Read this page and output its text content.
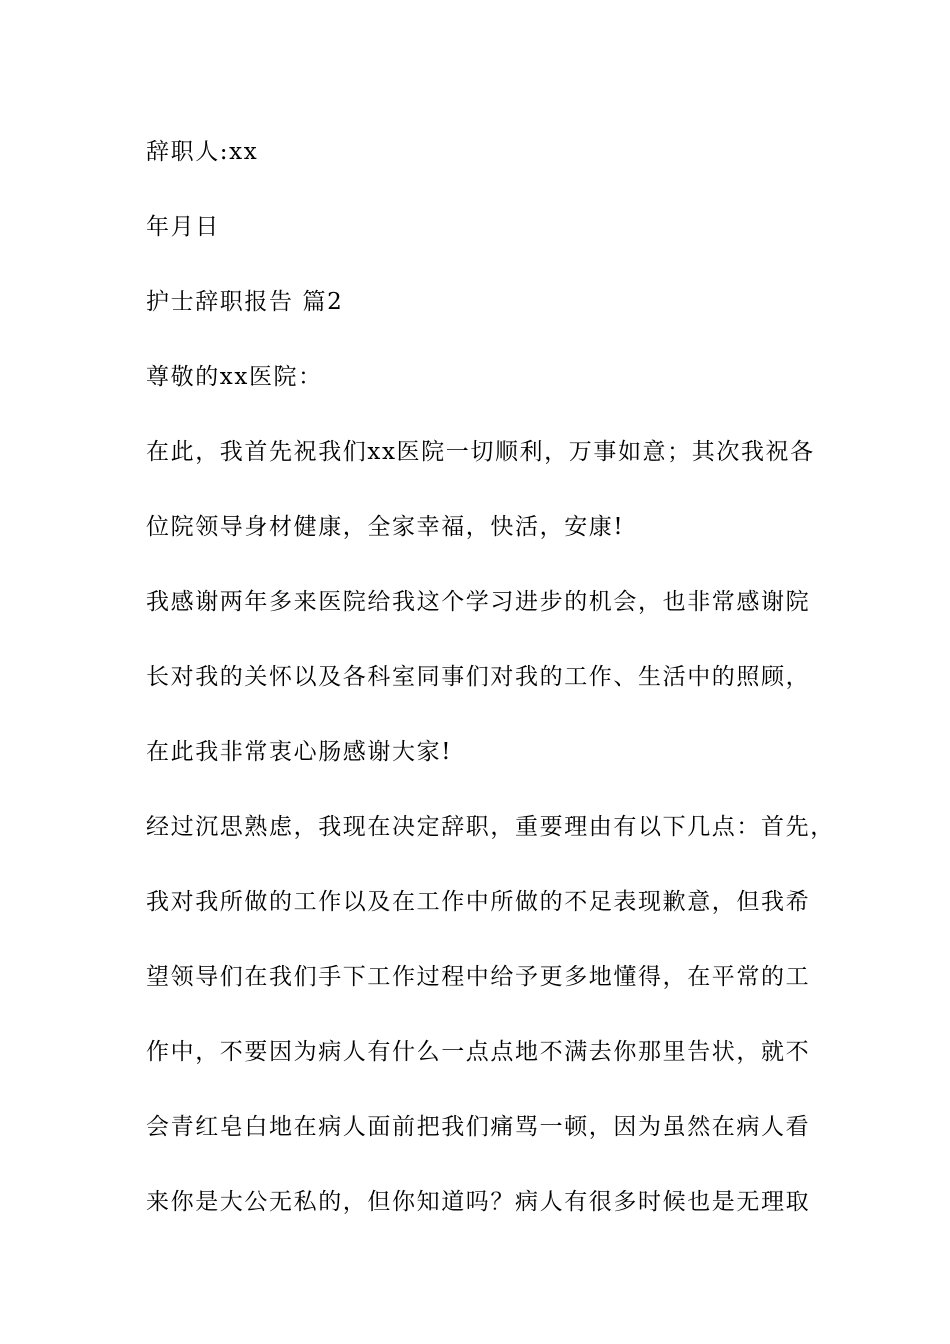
辞职人:xx
年月日
护士辞职报告 篇2
尊敬的xx医院：
在此，我首先祝我们xx医院一切顺利，万事如意；其次我祝各
位院领导身材健康，全家幸福，快活，安康!
我感谢两年多来医院给我这个学习进步的机会，也非常感谢院
长对我的关怀以及各科室同事们对我的工作、生活中的照顾，
在此我非常衷心肠感谢大家!
经过沉思熟虑，我现在决定辞职，重要理由有以下几点：首先，
我对我所做的工作以及在工作中所做的不足表现歉意，但我希
望领导们在我们手下工作过程中给予更多地懂得，在平常的工
作中，不要因为病人有什么一点点地不满去你那里告状，就不
会青红皂白地在病人面前把我们痛骂一顿，因为虽然在病人看
来你是大公无私的，但你知道吗？病人有很多时候也是无理取
